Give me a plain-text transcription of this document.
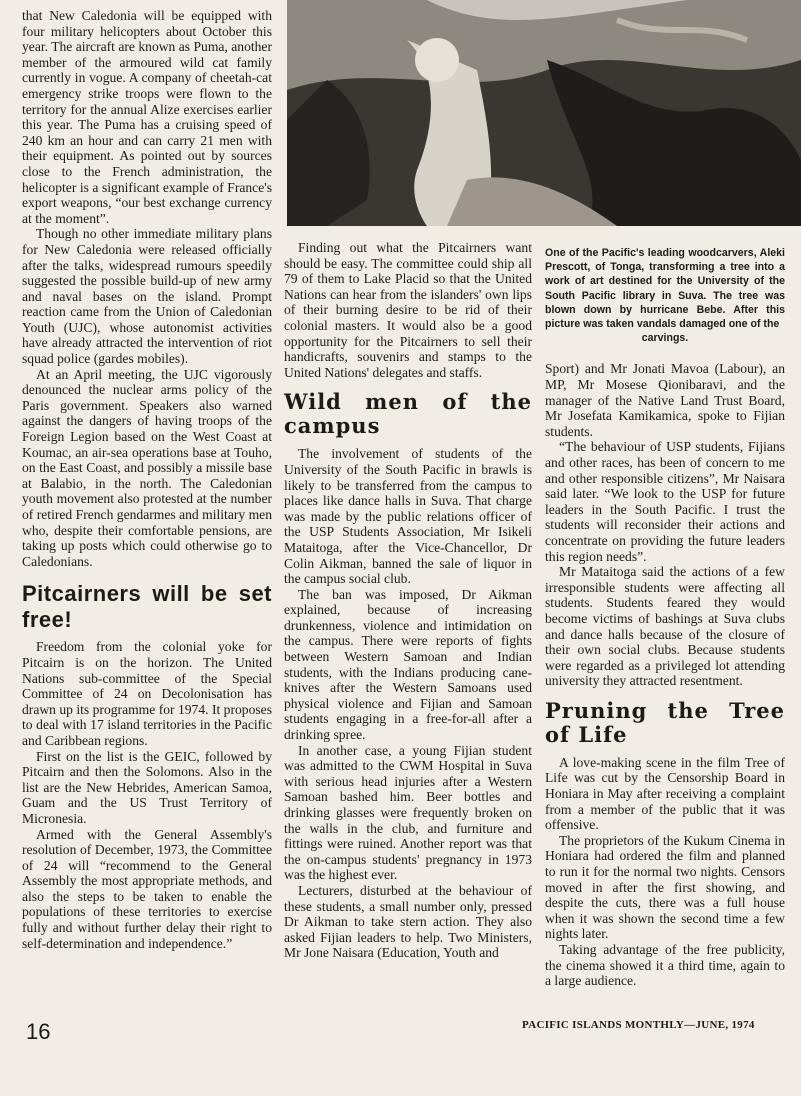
that New Caledonia will be equipped with four military helicopters about October this year. The aircraft are known as Puma, another member of the armoured wild cat family currently in vogue. A company of cheetah-cat emergency strike troops were flown to the territory for the annual Alize exercises earlier this year. The Puma has a cruising speed of 240 km an hour and can carry 21 men with their equipment. As pointed out by sources close to the French administration, the helicopter is a significant example of France's export weapons, “our best exchange currency at the moment”.

Though no other immediate military plans for New Caledonia were released officially after the talks, widespread rumours speedily suggested the possible build-up of new army and naval bases on the island. Prompt reaction came from the Union of Caledonian Youth (UJC), whose autonomist activities have already attracted the intervention of riot squad police (gardes mobiles).

At an April meeting, the UJC vigorously denounced the nuclear arms policy of the Paris government. Speakers also warned against the dangers of having troops of the Foreign Legion based on the West Coast at Koumac, an air-sea operations base at Touho, on the East Coast, and possibly a missile base at Balabio, in the north. The Caledonian youth movement also protested at the number of retired French gendarmes and military men who, despite their comfortable pensions, are taking up posts which could otherwise go to Caledonians.

Pitcairners will be set free!

Freedom from the colonial yoke for Pitcairn is on the horizon. The United Nations sub-committee of the Special Committee of 24 on Decolonisation has drawn up its programme for 1974. It proposes to deal with 17 island territories in the Pacific and Caribbean regions.

First on the list is the GEIC, followed by Pitcairn and then the Solomons. Also in the list are the New Hebrides, American Samoa, Guam and the US Trust Territory of Micronesia.

Armed with the General Assembly's resolution of December, 1973, the Committee of 24 will “recommend to the General Assembly the most appropriate methods, and also the steps to be taken to enable the populations of these territories to exercise fully and without further delay their right to self-determination and independence.”

Finding out what the Pitcairners want should be easy. The committee could ship all 79 of them to Lake Placid so that the United Nations can hear from the islanders' own lips of their burning desire to be rid of their colonial masters. It would also be a good opportunity for the Pitcairners to sell their handicrafts, souvenirs and stamps to the United Nations' delegates and staffs.

Wild men of the campus

The involvement of students of the University of the South Pacific in brawls is likely to be transferred from the campus to places like dance halls in Suva. That charge was made by the public relations officer of the USP Students Association, Mr Isikeli Mataitoga, after the Vice-Chancellor, Dr Colin Aikman, banned the sale of liquor in the campus social club.

The ban was imposed, Dr Aikman explained, because of increasing drunkenness, violence and intimidation on the campus. There were reports of fights between Western Samoan and Indian students, with the Indians producing cane-knives after the Western Samoans used physical violence and Fijian and Samoan students engaging in a free-for-all after a drinking spree.

In another case, a young Fijian student was admitted to the CWM Hospital in Suva with serious head injuries after a Western Samoan bashed him. Beer bottles and drinking glasses were frequently broken on the walls in the club, and furniture and fittings were ruined. Another report was that the on-campus students' pregnancy in 1973 was the highest ever.

Lecturers, disturbed at the behaviour of these students, a small number only, pressed Dr Aikman to take stern action. They also asked Fijian leaders to help. Two Ministers, Mr Jone Naisara (Education, Youth and

One of the Pacific's leading woodcarvers, Aleki Prescott, of Tonga, transforming a tree into a work of art destined for the University of the South Pacific library in Suva. The tree was blown down by hurricane Bebe. After this picture was taken vandals damaged one of the
carvings.

Sport) and Mr Jonati Mavoa (Labour), an MP, Mr Mosese Qionibaravi, and the manager of the Native Land Trust Board, Mr Josefata Kamikamica, spoke to Fijian students.

“The behaviour of USP students, Fijians and other races, has been of concern to me and other responsible citizens”, Mr Naisara said later. “We look to the USP for future leaders in the South Pacific. I trust the students will reconsider their actions and concentrate on providing the future leaders this region needs”.

Mr Mataitoga said the actions of a few irresponsible students were affecting all students. Students feared they would become victims of bashings at Suva clubs and dance halls because of the closure of their own social clubs. Because students were regarded as a privileged lot attending university they attracted resentment.

Pruning the Tree of Life

A love-making scene in the film Tree of Life was cut by the Censorship Board in Honiara in May after receiving a complaint from a member of the public that it was offensive.

The proprietors of the Kukum Cinema in Honiara had ordered the film and planned to run it for the normal two nights. Censors moved in after the first showing, and despite the cuts, there was a full house when it was shown the second time a few nights later.

Taking advantage of the free publicity, the cinema showed it a third time, again to a large audience.

16	PACIFIC ISLANDS MONTHLY—JUNE, 1974
